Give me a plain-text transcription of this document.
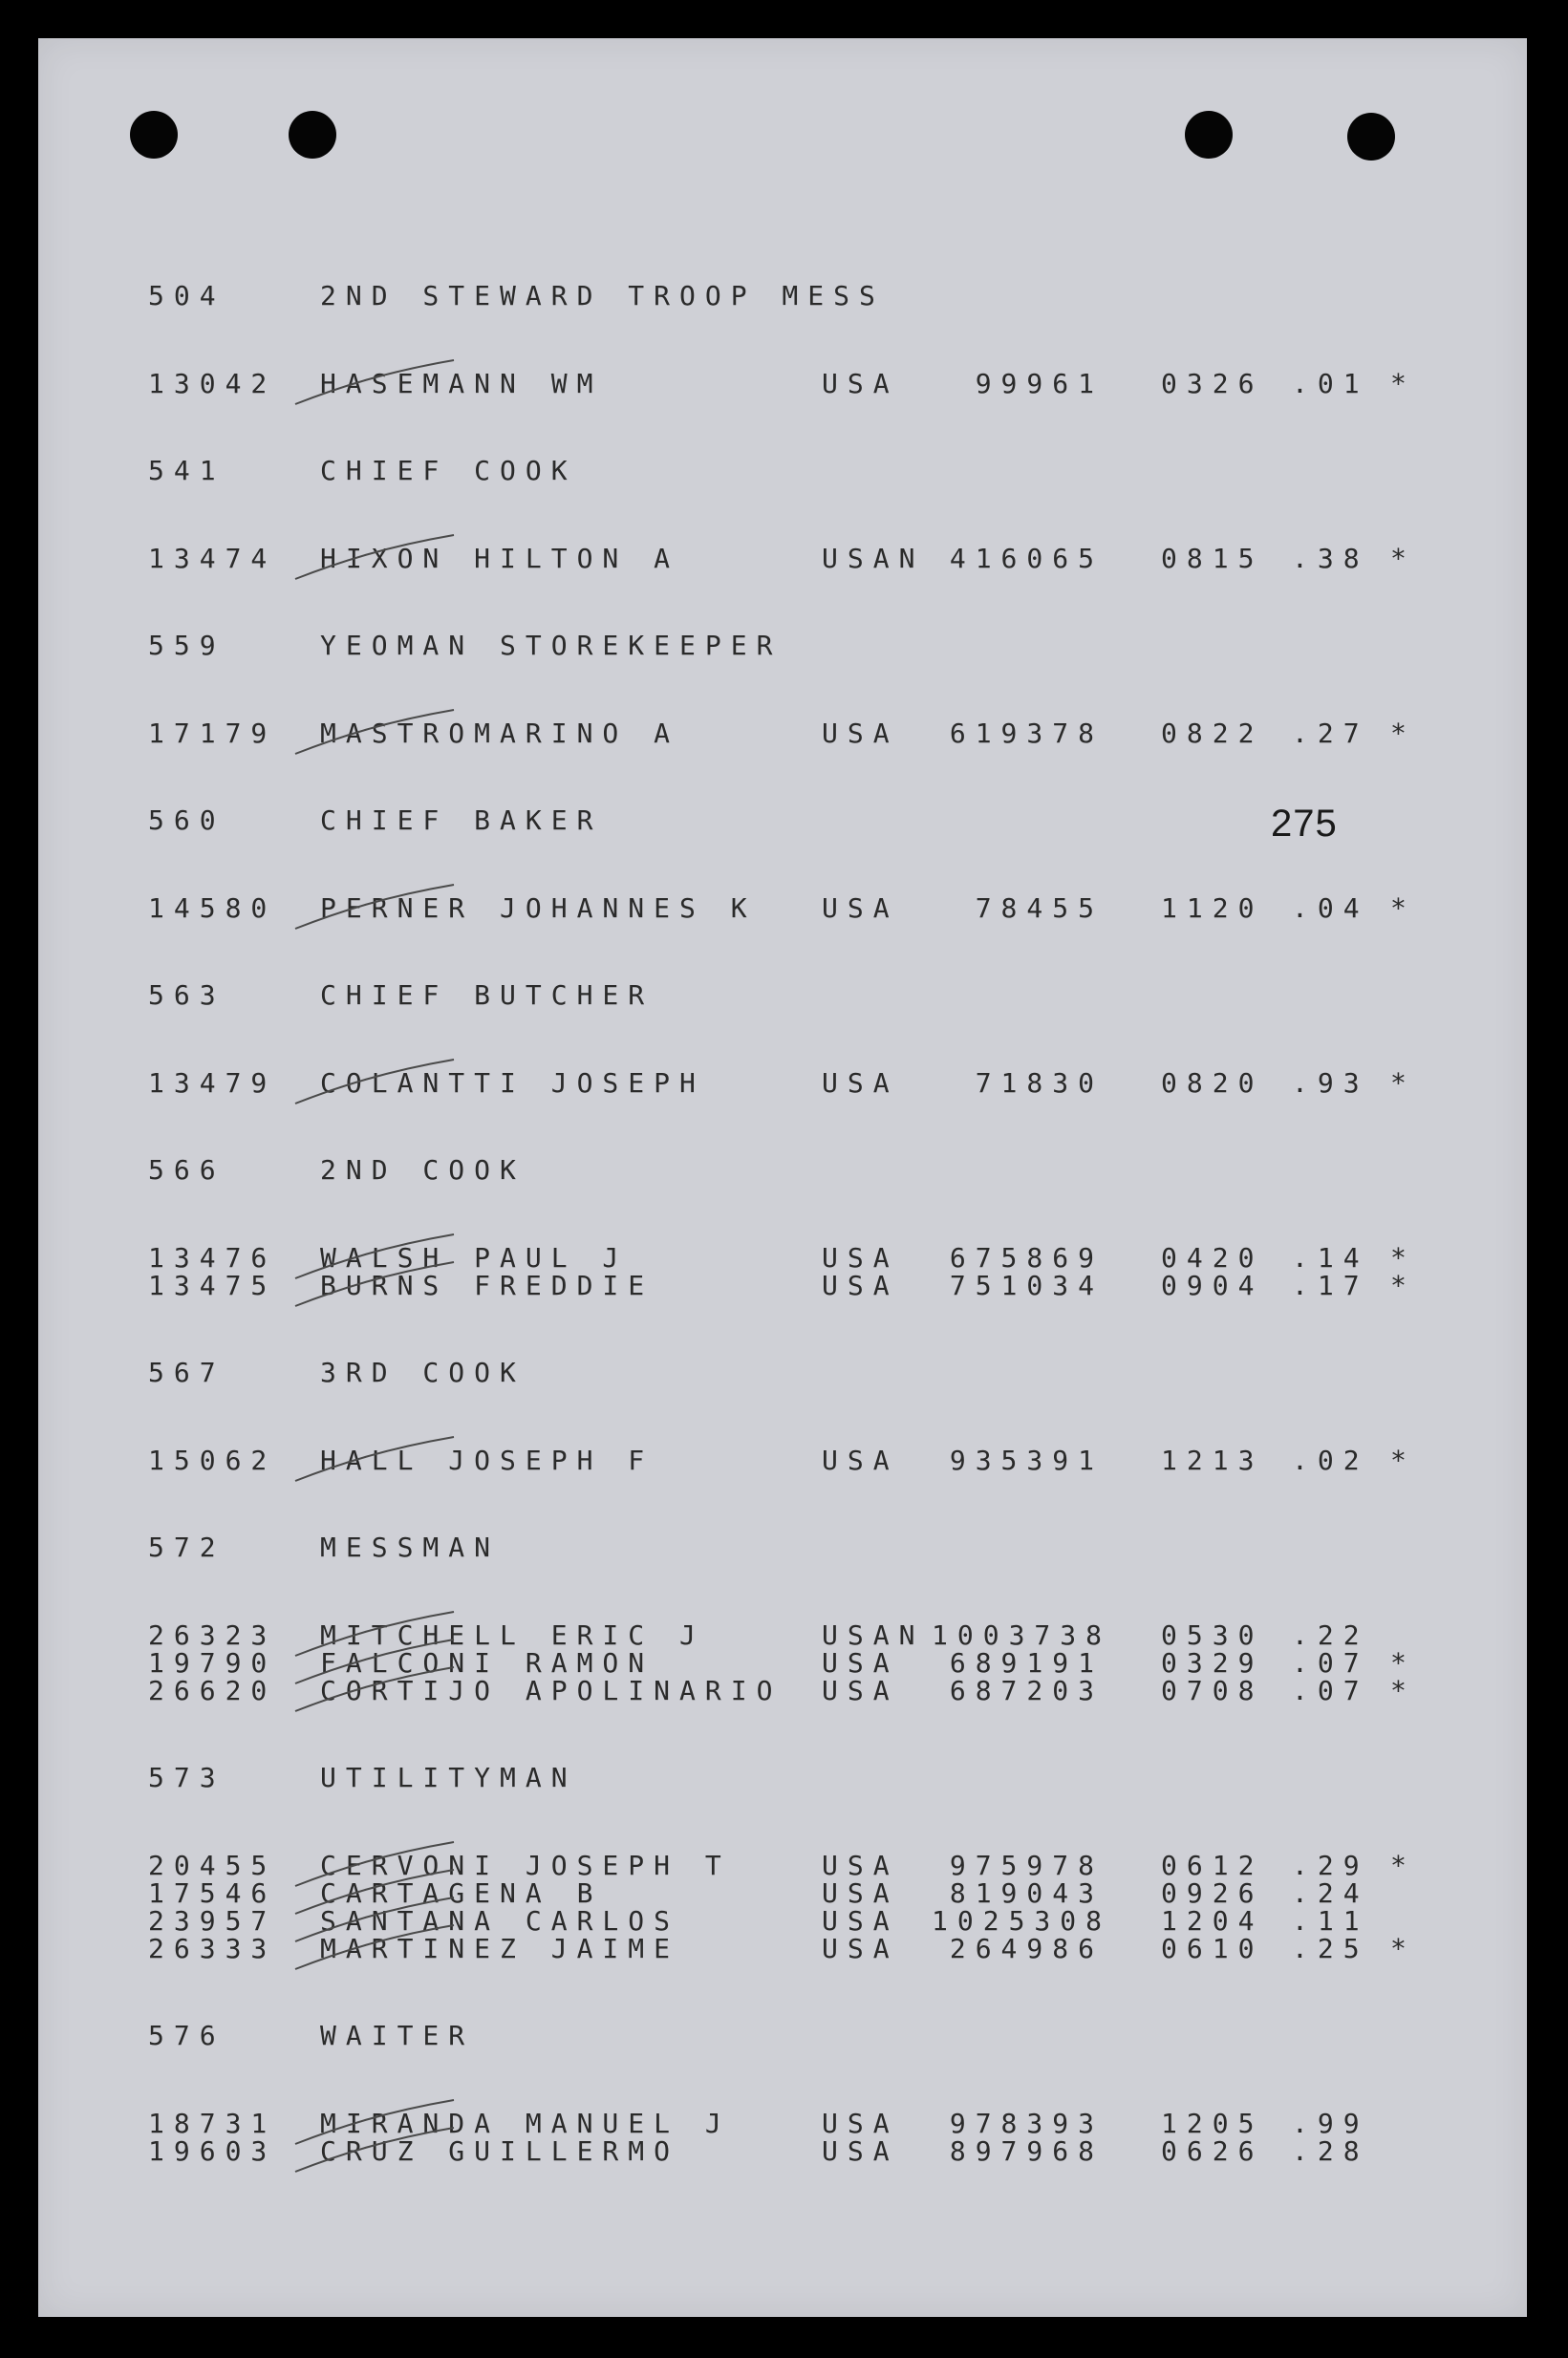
275
504	2ND STEWARD TROOP MESS
13042 HASEMANN WM	USA	99961 0326 .01 *
541	CHIEF COOK
13474 HIXON HILTON A	USAN 416065 0815 .38 *
559	YEOMAN STOREKEEPER
17179 MASTROMARINO A	USA	619378 0822 .27 *
560	CHIEF BAKER
14580 PERNER JOHANNES K USA	78455 1120 .04 *
563	CHIEF BUTCHER
13479 COLANTTI JOSEPH	USA	71830 0820 .93 *
566	2ND COOK
13476 WALSH PAUL J	USA	675869 0420 .14 *
13475 BURNS FREDDIE	USA	751034 0904 .17 *
567	3RD COOK
15062 HALL JOSEPH F	USA	935391 1213 .02 *
572	MESSMAN
26323 MITCHELL ERIC J	USAN 1003738 0530 .22
19790 FALCONI RAMON	USA	689191 0329 .07 *
26620 CORTIJO APOLINARIO USA	687203 0708 .07 *
573	UTILITYMAN
20455 CERVONI JOSEPH T	USA	975978 0612 .29 *
17546 CARTAGENA B	USA	819043 0926 .24
23957 SANTANA CARLOS	USA 1025308 1204 .11
26333 MARTINEZ JAIME	USA	264986 0610 .25 *
576	WAITER
18731 MIRANDA MANUEL J	USA	978393 1205 .99
19603 CRUZ GUILLERMO	USA	897968 0626 .28
